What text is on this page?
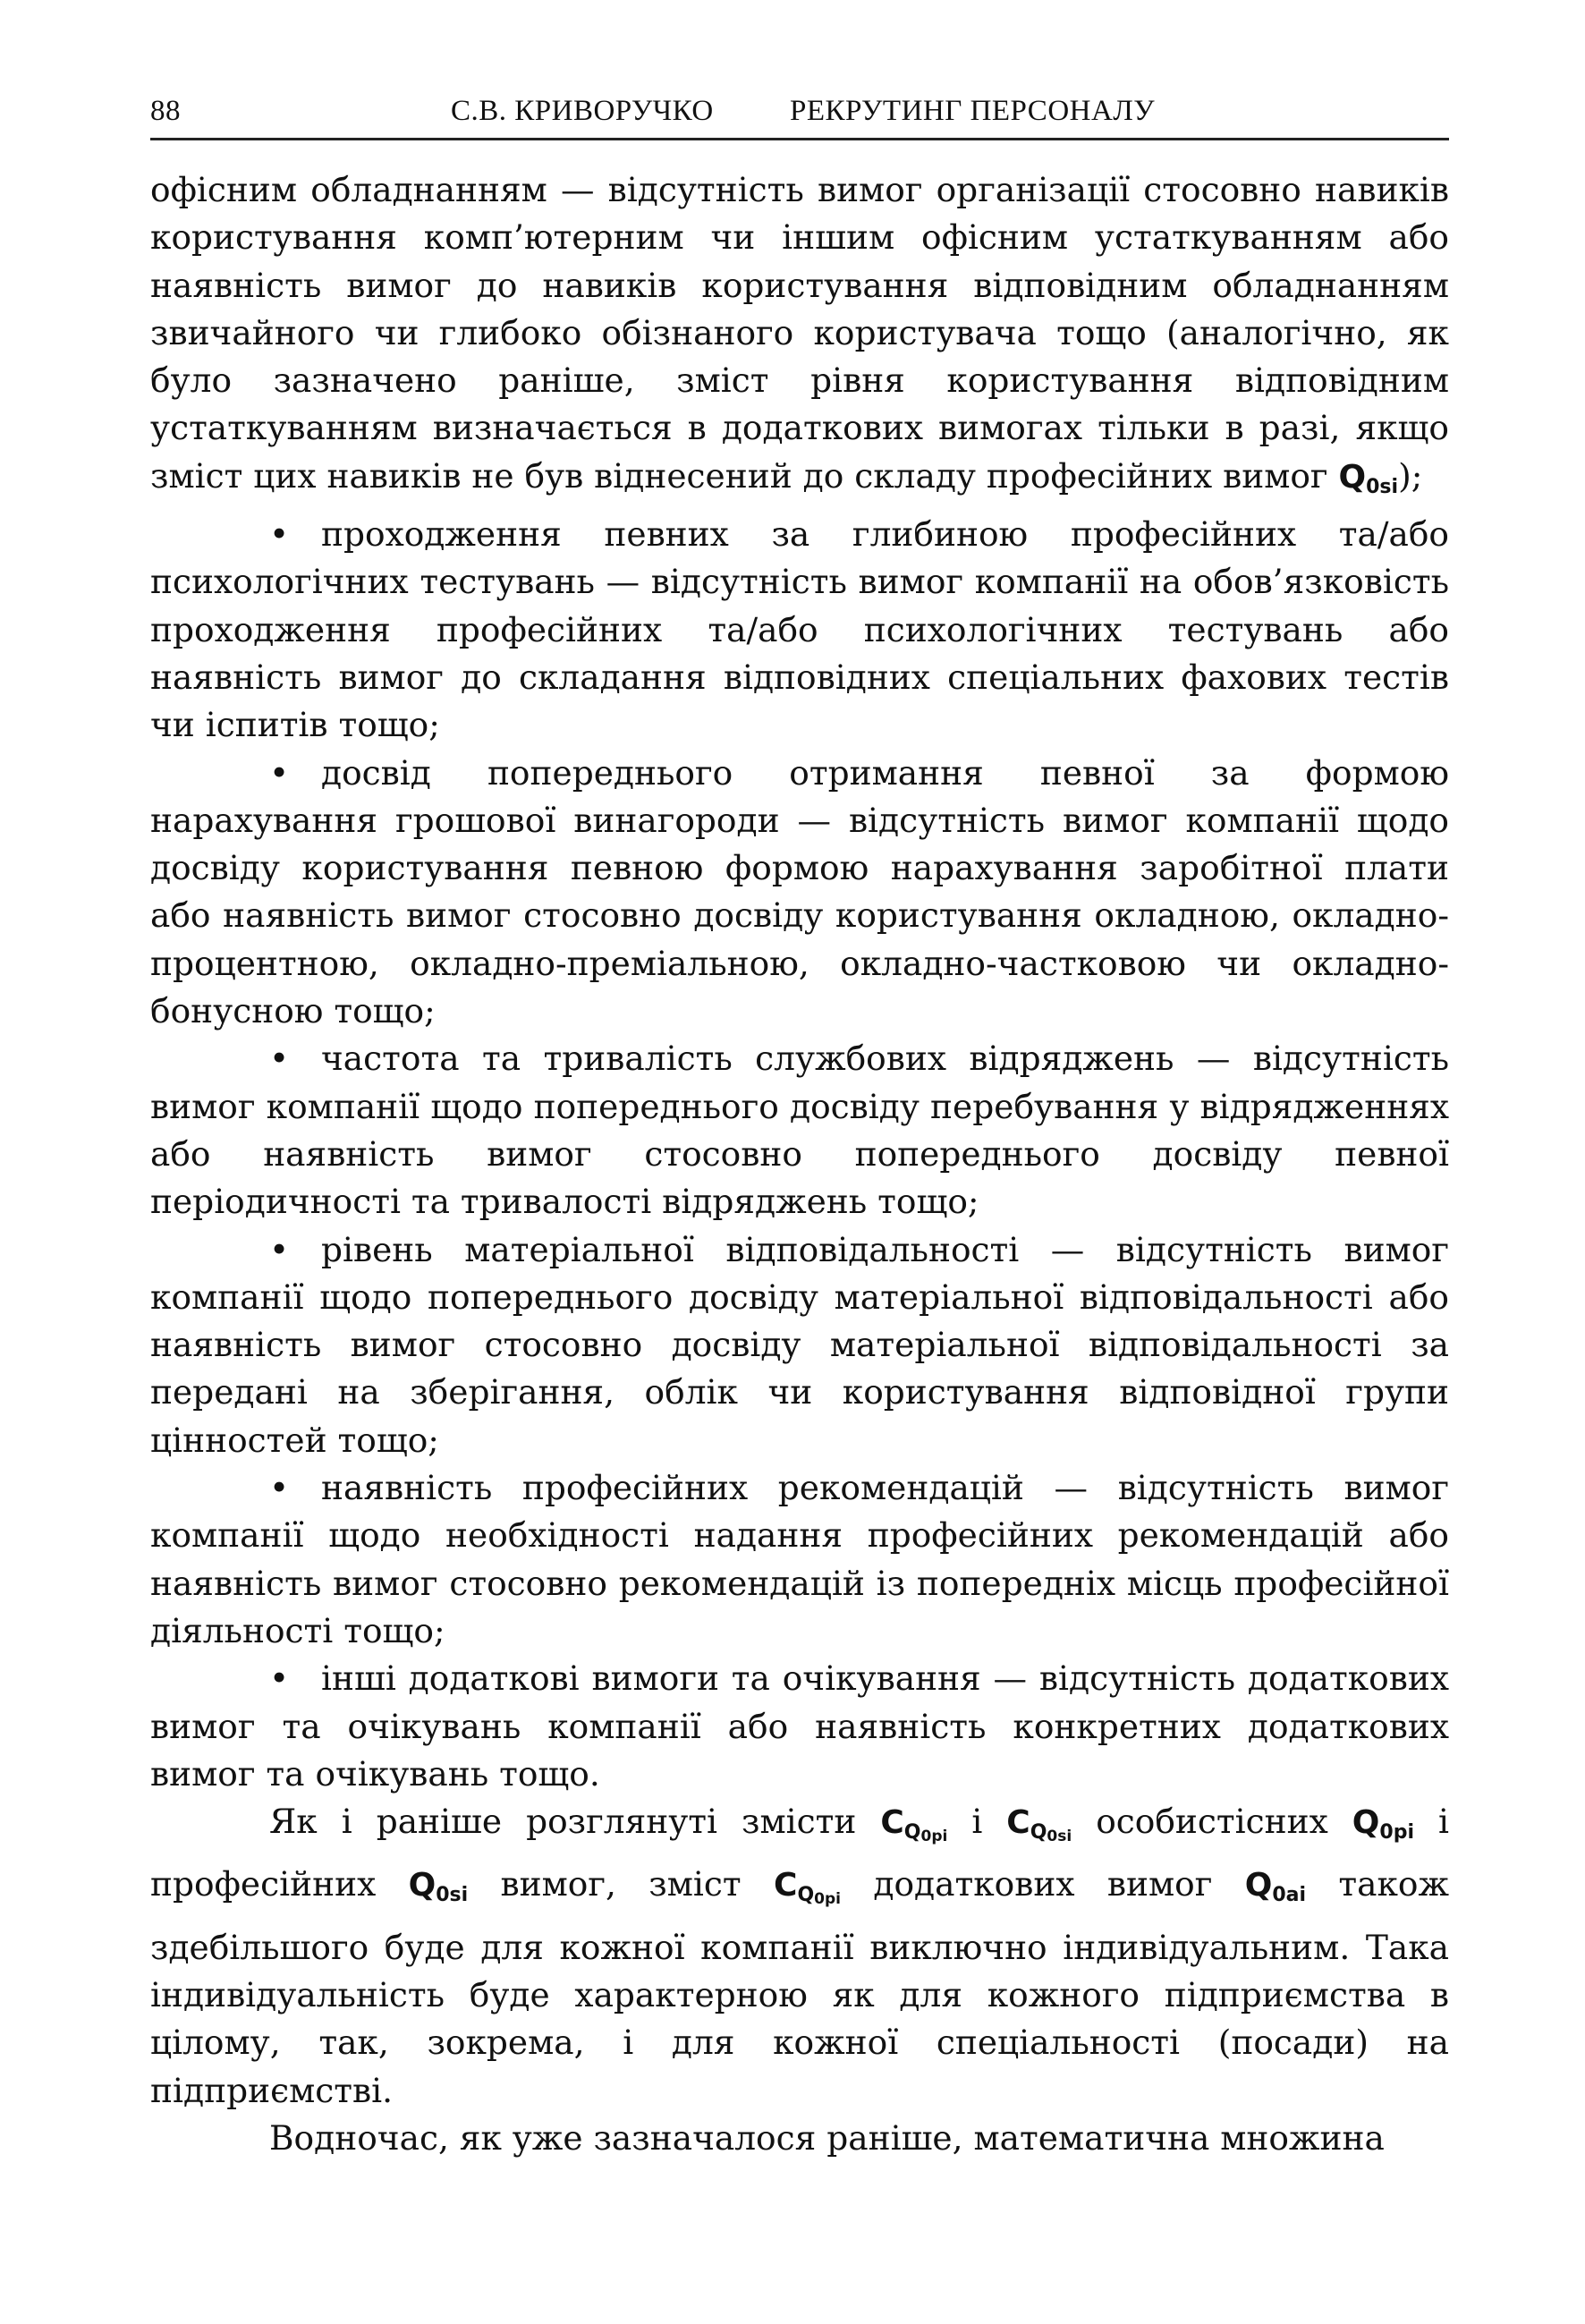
88	С.В. КРИВОРУЧКО	РЕКРУТИНГ ПЕРСОНАЛУ

офісним обладнанням — відсутність вимог організації стосовно навиків користування комп’ютерним чи іншим офісним устаткуванням або наявність вимог до навиків користування відповідним обладнанням звичайного чи глибоко обізнаного користувача тощо (аналогічно, як було зазначено раніше, зміст рівня користування відповідним устаткуванням визначається в додаткових вимогах тільки в разі, якщо зміст цих навиків не був віднесений до складу професійних вимог $Q_{0si}$);

• проходження певних за глибиною професійних та/або психологічних тестувань — відсутність вимог компанії на обов’язковість проходження професійних та/або психологічних тестувань або наявність вимог до складання відповідних спеціальних фахових тестів чи іспитів тощо;

• досвід попереднього отримання певної за формою нарахування грошової винагороди — відсутність вимог компанії щодо досвіду користування певною формою нарахування заробітної плати або наявність вимог стосовно досвіду користування окладною, окладно-процентною, окладно-преміальною, окладно-частковою чи окладно-бонусною тощо;

• частота та тривалість службових відряджень — відсутність вимог компанії щодо попереднього досвіду перебування у відрядженнях або наявність вимог стосовно попереднього досвіду певної періодичності та тривалості відряджень тощо;

• рівень матеріальної відповідальності — відсутність вимог компанії щодо попереднього досвіду матеріальної відповідальності або наявність вимог стосовно досвіду матеріальної відповідальності за передані на зберігання, облік чи користування відповідної групи цінностей тощо;

• наявність професійних рекомендацій — відсутність вимог компанії щодо необхідності надання професійних рекомендацій або наявність вимог стосовно рекомендацій із попередніх місць професійної діяльності тощо;

• інші додаткові вимоги та очікування — відсутність додаткових вимог та очікувань компанії або наявність конкретних додаткових вимог та очікувань тощо.

Як і раніше розглянуті змісти $C_{Q_{0pi}}$ і $C_{Q_{0si}}$ особистісних $Q_{0pi}$ і професійних $Q_{0si}$ вимог, зміст $C_{Q_{0pi}}$ додаткових вимог $Q_{0ai}$ також здебільшого буде для кожної компанії виключно індивідуальним. Така індивідуальність буде характерною як для кожного підприємства в цілому, так, зокрема, і для кожної спеціальності (посади) на підприємстві.

Водночас, як уже зазначалося раніше, математична множина
